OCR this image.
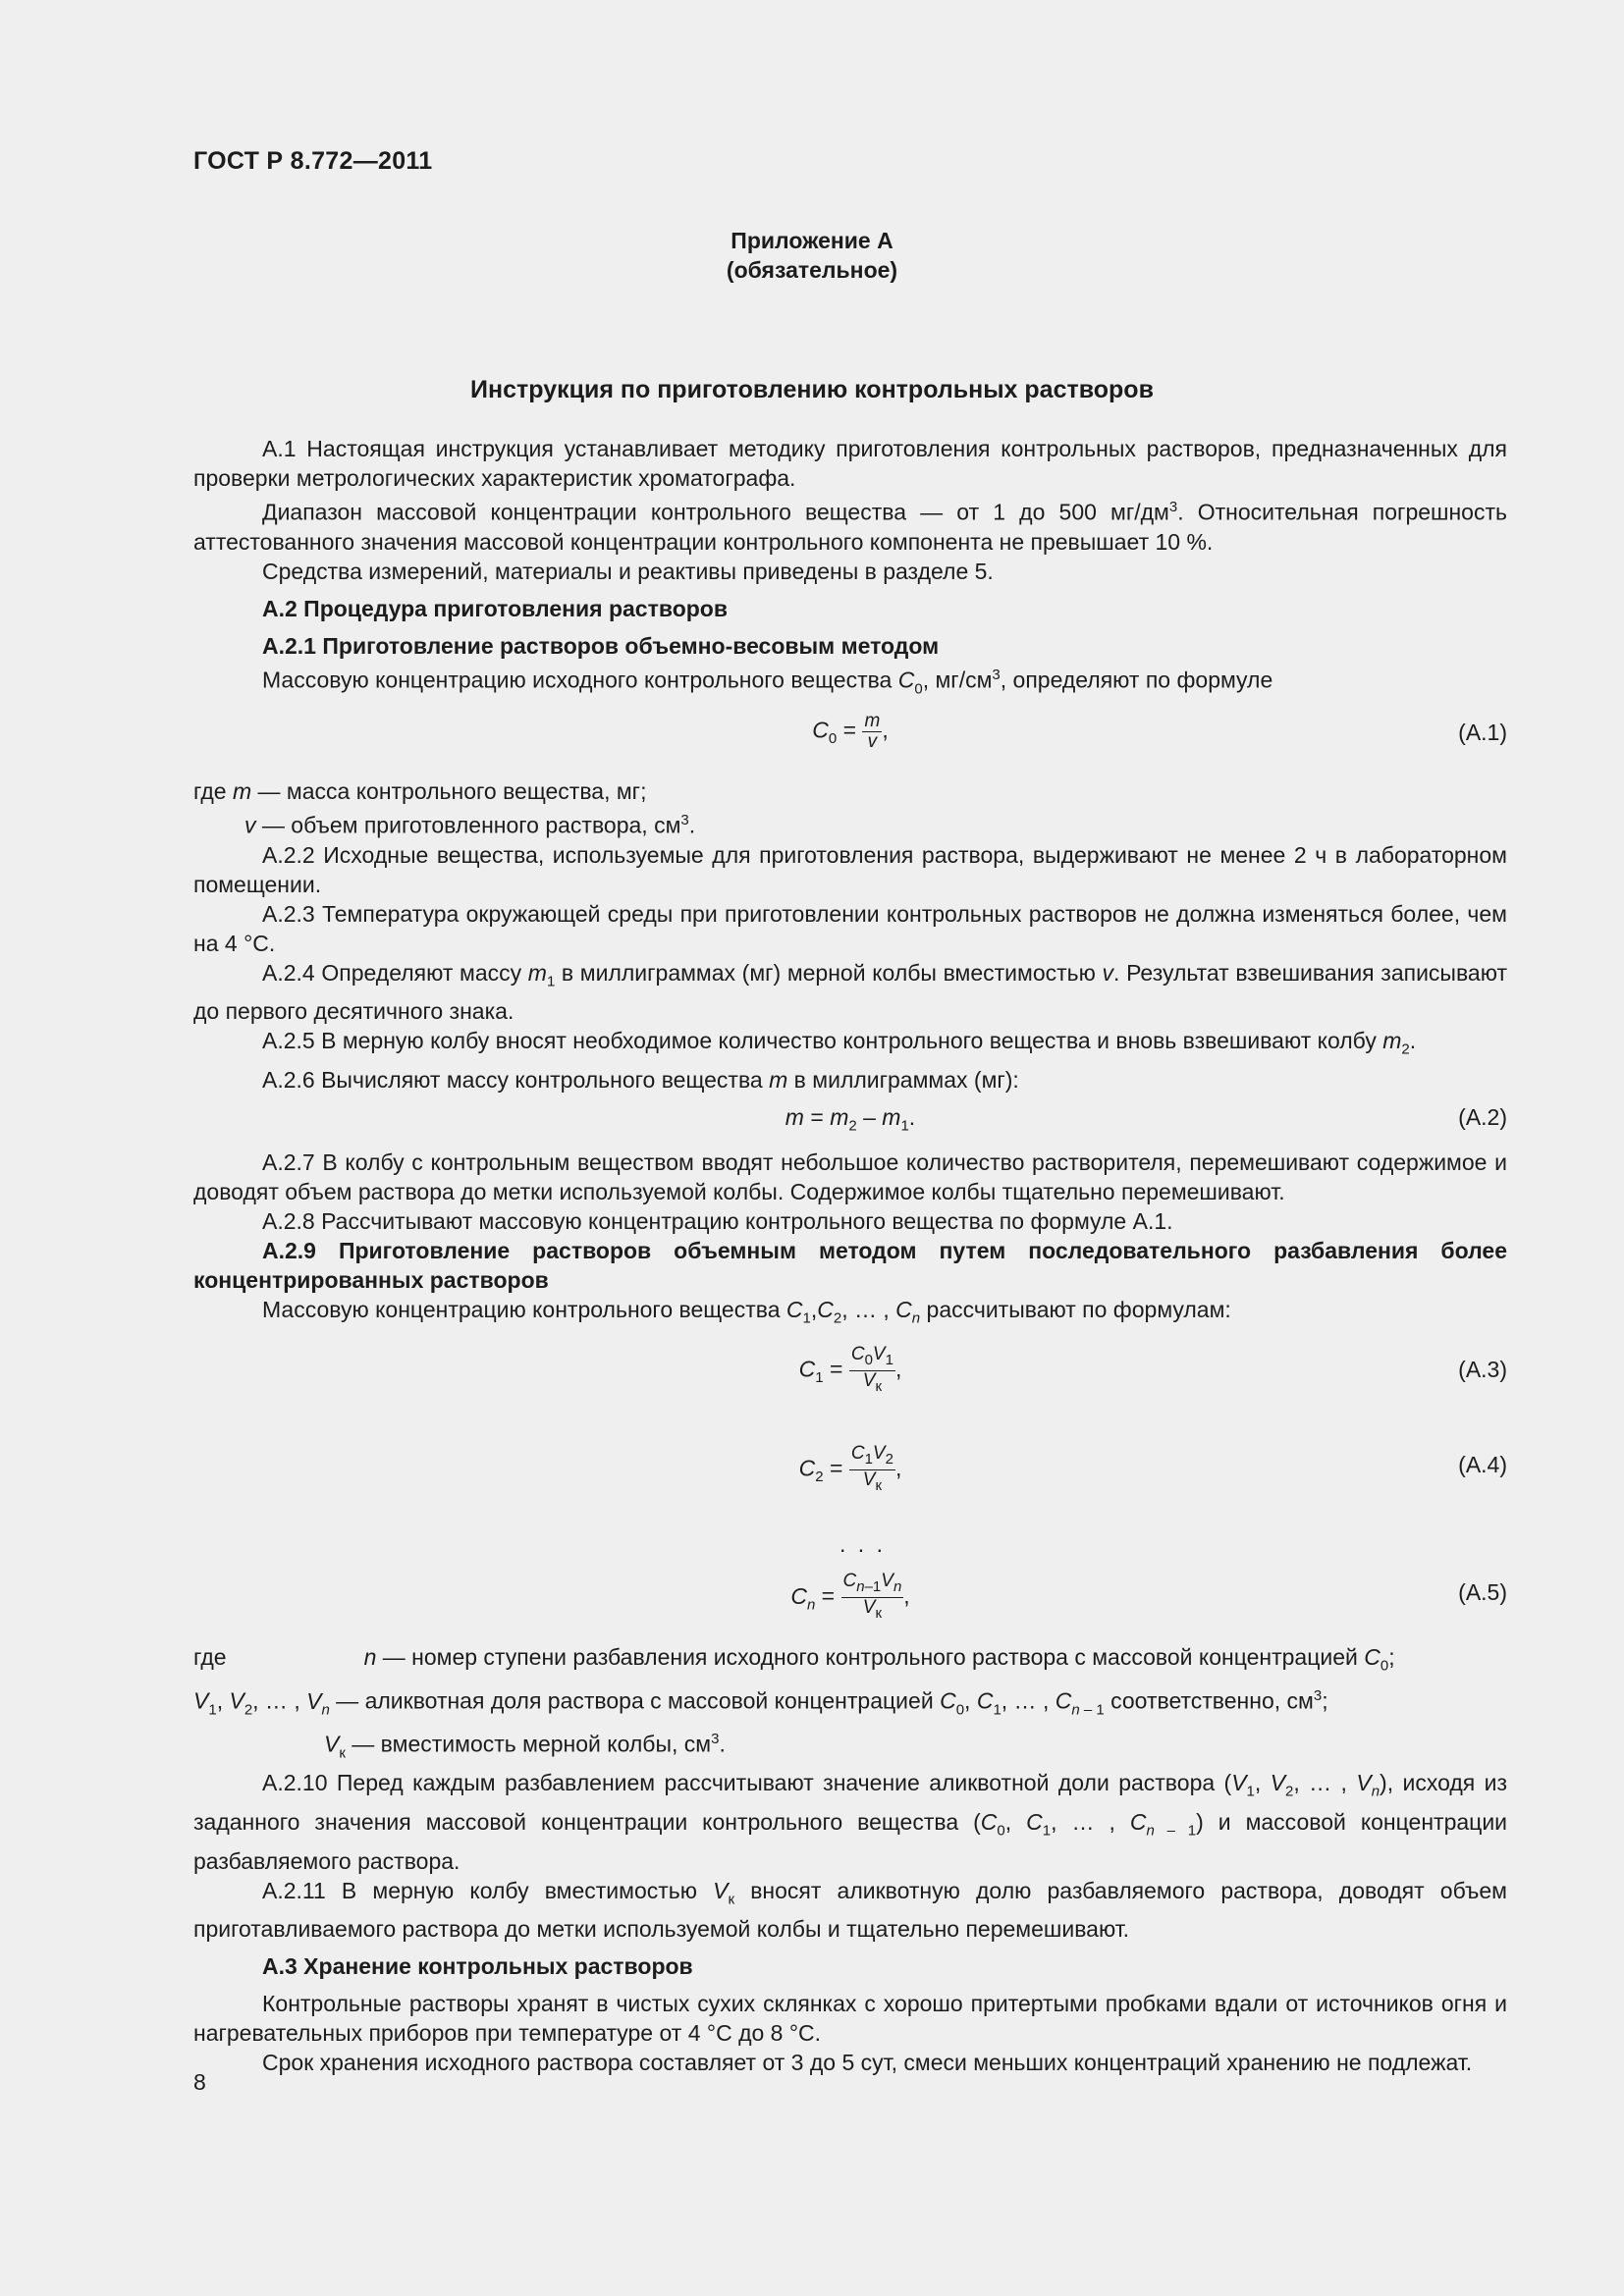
ГОСТ Р 8.772—2011
Приложение А
(обязательное)
Инструкция по приготовлению контрольных растворов

А.1 Настоящая инструкция устанавливает методику приготовления контрольных растворов, предназначенных для проверки метрологических характеристик хроматографа.

Диапазон массовой концентрации контрольного вещества — от 1 до 500 $мг/дм^3$. Относительная погрешность аттестованного значения массовой концентрации контрольного компонента не превышает 10 %.

Средства измерений, материалы и реактивы приведены в разделе 5.

А.2 Процедура приготовления растворов

А.2.1 Приготовление растворов объемно-весовым методом

Массовую концентрацию исходного контрольного вещества $C_0$, $мг/см^3$, определяют по формуле

$C_0 = \frac{m}{v}$ ,	(А.1)

где m — масса контрольного вещества, мг;

v — объем приготовленного раствора, $см^3$.

А.2.2 Исходные вещества, используемые для приготовления раствора, выдерживают не менее 2 ч в лабораторном помещении.

А.2.3 Температура окружающей среды при приготовлении контрольных растворов не должна изменяться более, чем на 4 °С.

А.2.4 Определяют массу $m_1$ в миллиграммах (мг) мерной колбы вместимостью v. Результат взвешивания записывают до первого десятичного знака.

А.2.5 В мерную колбу вносят необходимое количество контрольного вещества и вновь взвешивают колбу $m_2$.

А.2.6 Вычисляют массу контрольного вещества m в миллиграммах (мг):

$m = m_2 - m_1$.	(А.2)

А.2.7 В колбу с контрольным веществом вводят небольшое количество растворителя, перемешивают содержимое и доводят объем раствора до метки используемой колбы. Содержимое колбы тщательно перемешивают.

А.2.8 Рассчитывают массовую концентрацию контрольного вещества по формуле А.1.

А.2.9 Приготовление растворов объемным методом путем последовательного разбавления более концентрированных растворов

Массовую концентрацию контрольного вещества $C_1,C_2$, … , $C_n$ рассчитывают по формулам:

$C_1$ =
$C_0V_1$
$V_к$
,	(А.3)
$C_2$ =
$C_1V_2$
$V_к$
,	(А.4)
. . .
$C_n$ =
$C_{n-1}V_n$
$V_к$
,	(А.5)

где	n — номер ступени разбавления исходного контрольного раствора с массовой концентрацией $C_0$;

$V_1$, $V_2$, … , $V_n$ — аликвотная доля раствора с массовой концентрацией $C_0$, $C_1$, … , $C_{n - 1}$ соответственно, $см^3$;

$V_к$ — вместимость мерной колбы, $см^3$.

А.2.10 Перед каждым разбавлением рассчитывают значение аликвотной доли раствора ($V_1$, $V_2$, … , $V_n$), исходя из заданного значения массовой концентрации контрольного вещества ($C_0$, $C_1$, … , $C_{n - 1}$) и массовой концентрации разбавляемого раствора.

А.2.11 В мерную колбу вместимостью $V_к$ вносят аликвотную долю разбавляемого раствора, доводят объем приготавливаемого раствора до метки используемой колбы и тщательно перемешивают.

А.3 Хранение контрольных растворов

Контрольные растворы хранят в чистых сухих склянках с хорошо притертыми пробками вдали от источников огня и нагревательных приборов при температуре от 4 °С до 8 °С.

Срок хранения исходного раствора составляет от 3 до 5 сут, смеси меньших концентраций хранению не подлежат.

8
